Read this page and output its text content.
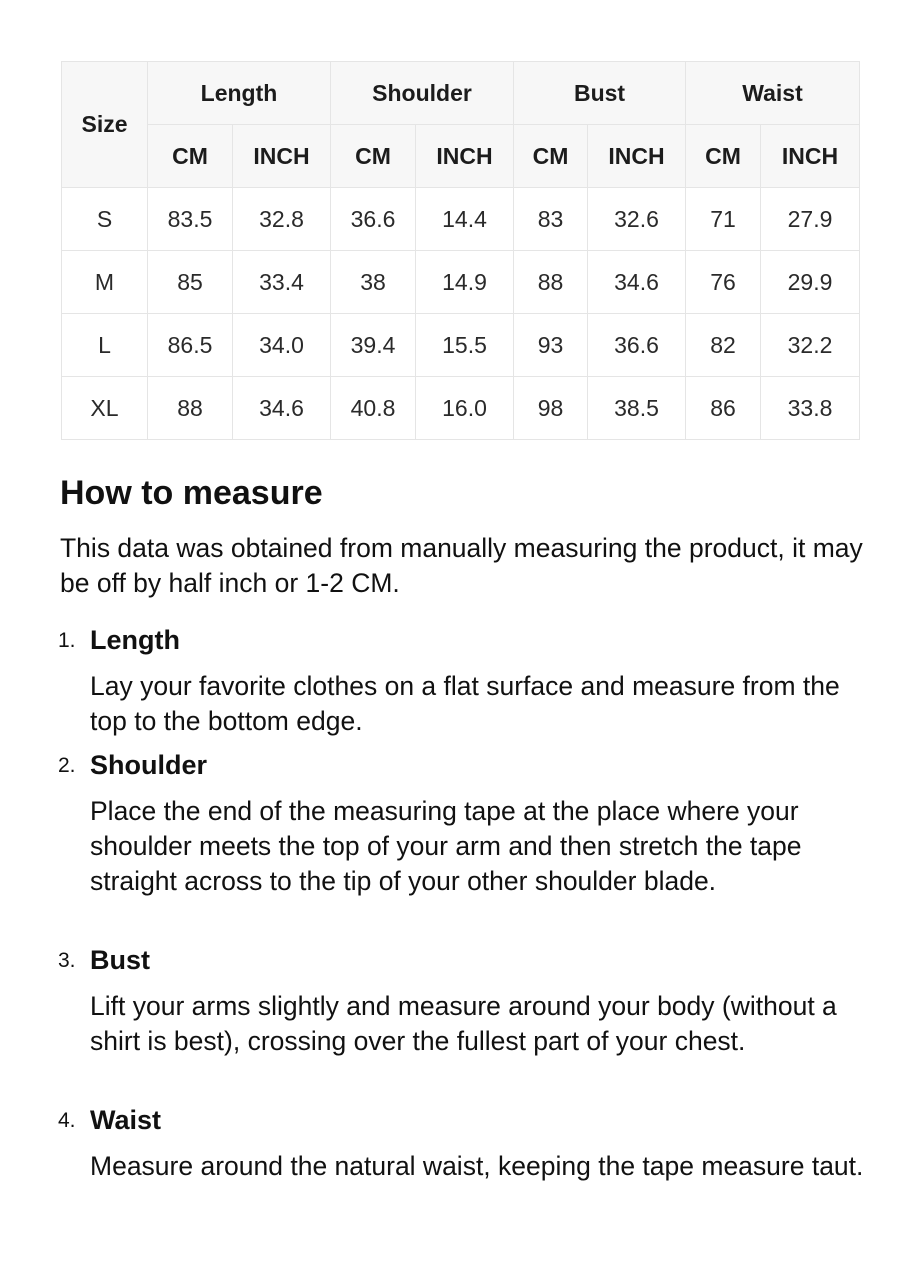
Size	Length		Shoulder		Bust		Waist	
	CM	INCH	CM	INCH	CM	INCH	CM	INCH
S	83.5	32.8	36.6	14.4	83	32.6	71	27.9
M	85	33.4	38	14.9	88	34.6	76	29.9
L	86.5	34.0	39.4	15.5	93	36.6	82	32.2
XL	88	34.6	40.8	16.0	98	38.5	86	33.8
How to measure

This data was obtained from manually measuring the product, it may be off by half inch or 1-2 CM.

1. Length

Lay your favorite clothes on a flat surface and measure from the top to the bottom edge.

2. Shoulder

Place the end of the measuring tape at the place where your shoulder meets the top of your arm and then stretch the tape straight across to the tip of your other shoulder blade.

3. Bust

Lift your arms slightly and measure around your body (without a shirt is best), crossing over the fullest part of your chest.

4. Waist

Measure around the natural waist, keeping the tape measure taut.
